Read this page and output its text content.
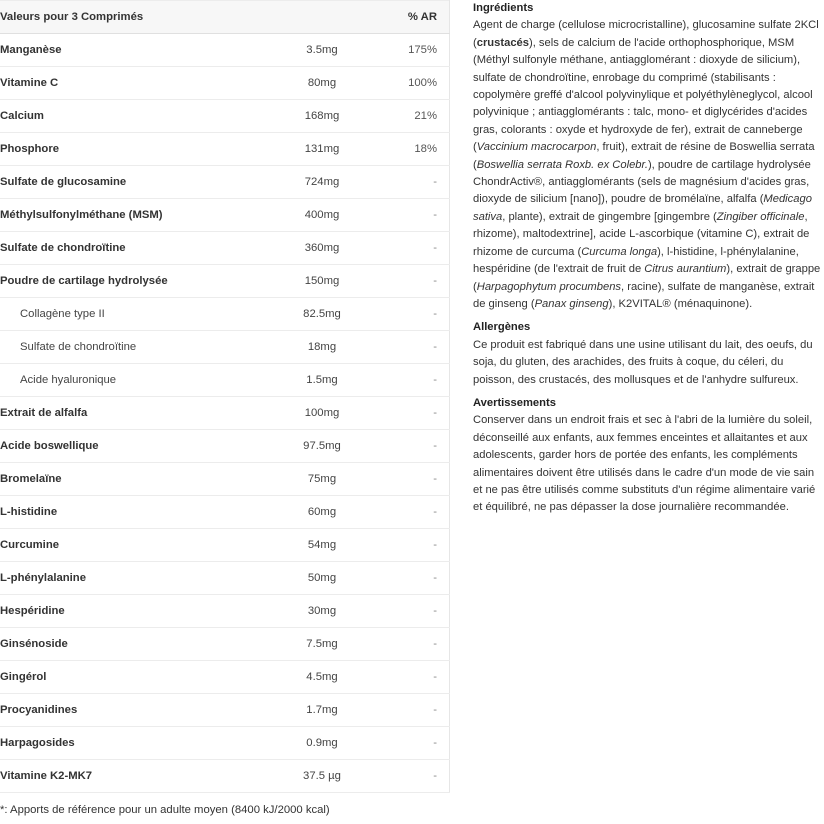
Valeurs pour 3 Comprimés		% AR
Manganèse	3.5mg	175%
Vitamine C	80mg	100%
Calcium	168mg	21%
Phosphore	131mg	18%
Sulfate de glucosamine	724mg	-
Méthylsulfonylméthane (MSM)	400mg	-
Sulfate de chondroïtine	360mg	-
Poudre de cartilage hydrolysée	150mg	-
Collagène type II	82.5mg	-
Sulfate de chondroïtine	18mg	-
Acide hyaluronique	1.5mg	-
Extrait de alfalfa	100mg	-
Acide boswellique	97.5mg	-
Bromelaïne	75mg	-
L-histidine	60mg	-
Curcumine	54mg	-
L-phénylalanine	50mg	-
Hespéridine	30mg	-
Ginsénoside	7.5mg	-
Gingérol	4.5mg	-
Procyanidines	1.7mg	-
Harpagosides	0.9mg	-
Vitamine K2-MK7	37.5 µg	-
*: Apports de référence pour un adulte moyen (8400 kJ/2000 kcal)
Ingrédients
Agent de charge (cellulose microcristalline), glucosamine sulfate 2KCl
(crustacés), sels de calcium de l'acide orthophosphorique, MSM
(Méthyl sulfonyle méthane, antiagglomérant : dioxyde de silicium),
sulfate de chondroïtine, enrobage du comprimé (stabilisants :
copolymère greffé d'alcool polyvinylique et polyéthylèneglycol, alcool
polyvinique ; antiagglomérants : talc, mono- et diglycérides d'acides
gras, colorants : oxyde et hydroxyde de fer), extrait de canneberge
(Vaccinium macrocarpon, fruit), extrait de résine de Boswellia serrata
(Boswellia serrata Roxb. ex Colebr.), poudre de cartilage hydrolysée
ChondrActiv®, antiagglomérants (sels de magnésium d'acides gras,
dioxyde de silicium [nano]), poudre de bromélaïne, alfalfa (Medicago
sativa, plante), extrait de gingembre [gingembre (Zingiber officinale,
rhizome), maltodextrine], acide L-ascorbique (vitamine C), extrait de
rhizome de curcuma (Curcuma longa), l-histidine, l-phénylalanine,
hespéridine (de l'extrait de fruit de Citrus aurantium), extrait de grappe
(Harpagophytum procumbens, racine), sulfate de manganèse, extrait
de ginseng (Panax ginseng), K2VITAL® (ménaquinone).
Allergènes
Ce produit est fabriqué dans une usine utilisant du lait, des oeufs, du
soja, du gluten, des arachides, des fruits à coque, du céleri, du
poisson, des crustacés, des mollusques et de l'anhydre sulfureux.
Avertissements
Conserver dans un endroit frais et sec à l'abri de la lumière du soleil,
déconseillé aux enfants, aux femmes enceintes et allaitantes et aux
adolescents, garder hors de portée des enfants, les compléments
alimentaires doivent être utilisés dans le cadre d'un mode de vie sain
et ne pas être utilisés comme substituts d'un régime alimentaire varié
et équilibré, ne pas dépasser la dose journalière recommandée.
